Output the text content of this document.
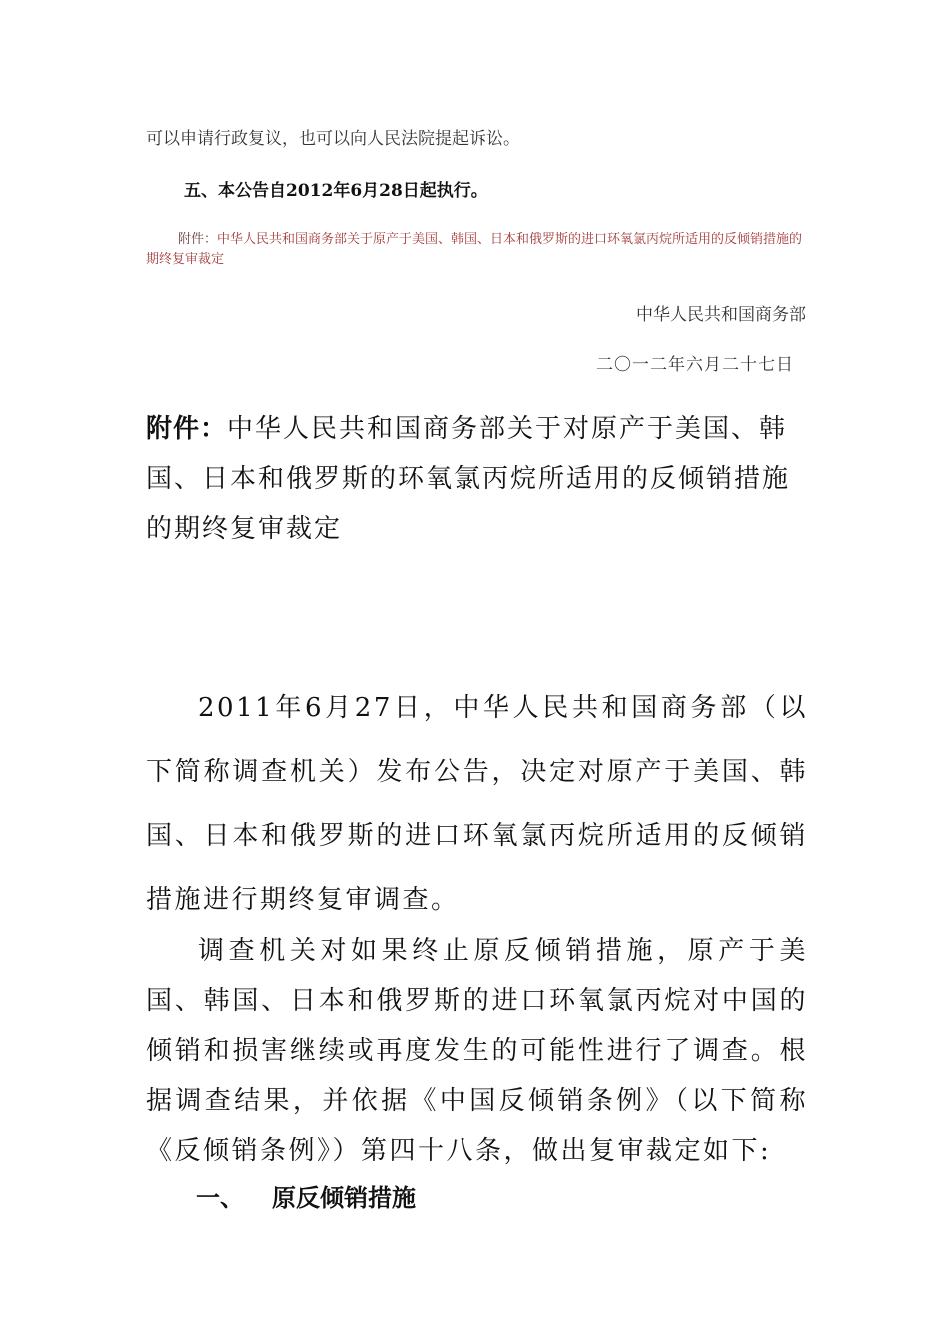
可以申请行政复议，也可以向人民法院提起诉讼。

五、本公告自2012年6月28日起执行。

附件：中华人民共和国商务部关于原产于美国、韩国、日本和俄罗斯的进口环氧氯丙烷所适用的反倾销措施的期终复审裁定

中华人民共和国商务部

二〇一二年六月二十七日

附件：中华人民共和国商务部关于对原产于美国、韩国、日本和俄罗斯的环氧氯丙烷所适用的反倾销措施的期终复审裁定

2011年6月27日，中华人民共和国商务部（以下简称调查机关）发布公告，决定对原产于美国、韩国、日本和俄罗斯的进口环氧氯丙烷所适用的反倾销措施进行期终复审调查。

调查机关对如果终止原反倾销措施，原产于美国、韩国、日本和俄罗斯的进口环氧氯丙烷对中国的倾销和损害继续或再度发生的可能性进行了调查。根据调查结果，并依据《中国反倾销条例》（以下简称《反倾销条例》）第四十八条，做出复审裁定如下:

一、 原反倾销措施
